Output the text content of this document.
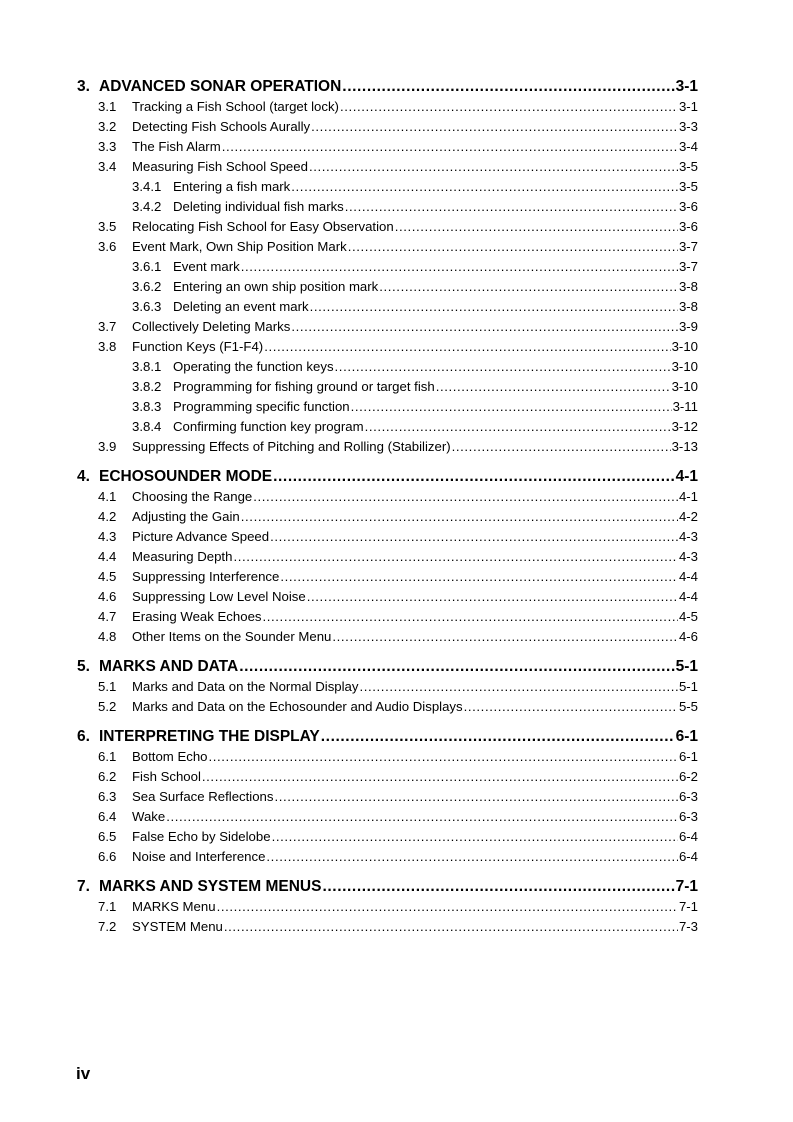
3. ADVANCED SONAR OPERATION .....	3-1
3.1	Tracking a Fish School (target lock) .....	3-1
3.2	Detecting Fish Schools Aurally .....	3-3
3.3	The Fish Alarm .....	3-4
3.4	Measuring Fish School Speed .....	3-5
3.4.1 Entering a fish mark .....	3-5
3.4.2 Deleting individual fish marks .....	3-6
3.5	Relocating Fish School for Easy Observation .....	3-6
3.6	Event Mark, Own Ship Position Mark .....	3-7
3.6.1 Event mark .....	3-7
3.6.2 Entering an own ship position mark .....	3-8
3.6.3 Deleting an event mark .....	3-8
3.7	Collectively Deleting Marks .....	3-9
3.8	Function Keys (F1-F4) .....	3-10
3.8.1 Operating the function keys .....	3-10
3.8.2 Programming for fishing ground or target fish .....	3-10
3.8.3 Programming specific function .....	3-11
3.8.4 Confirming function key program .....	3-12
3.9	Suppressing Effects of Pitching and Rolling (Stabilizer) .....	3-13
4. ECHOSOUNDER MODE .....	4-1
4.1	Choosing the Range .....	4-1
4.2	Adjusting the Gain .....	4-2
4.3	Picture Advance Speed .....	4-3
4.4	Measuring Depth .....	4-3
4.5	Suppressing Interference .....	4-4
4.6	Suppressing Low Level Noise .....	4-4
4.7	Erasing Weak Echoes .....	4-5
4.8	Other Items on the Sounder Menu .....	4-6
5. MARKS AND DATA .....	5-1
5.1	Marks and Data on the Normal Display .....	5-1
5.2	Marks and Data on the Echosounder and Audio Displays .....	5-5
6. INTERPRETING THE DISPLAY .....	6-1
6.1	Bottom Echo .....	6-1
6.2	Fish School .....	6-2
6.3	Sea Surface Reflections .....	6-3
6.4	Wake .....	6-3
6.5	False Echo by Sidelobe .....	6-4
6.6	Noise and Interference .....	6-4
7. MARKS AND SYSTEM MENUS .....	7-1
7.1	MARKS Menu .....	7-1
7.2	SYSTEM Menu .....	7-3
iv
